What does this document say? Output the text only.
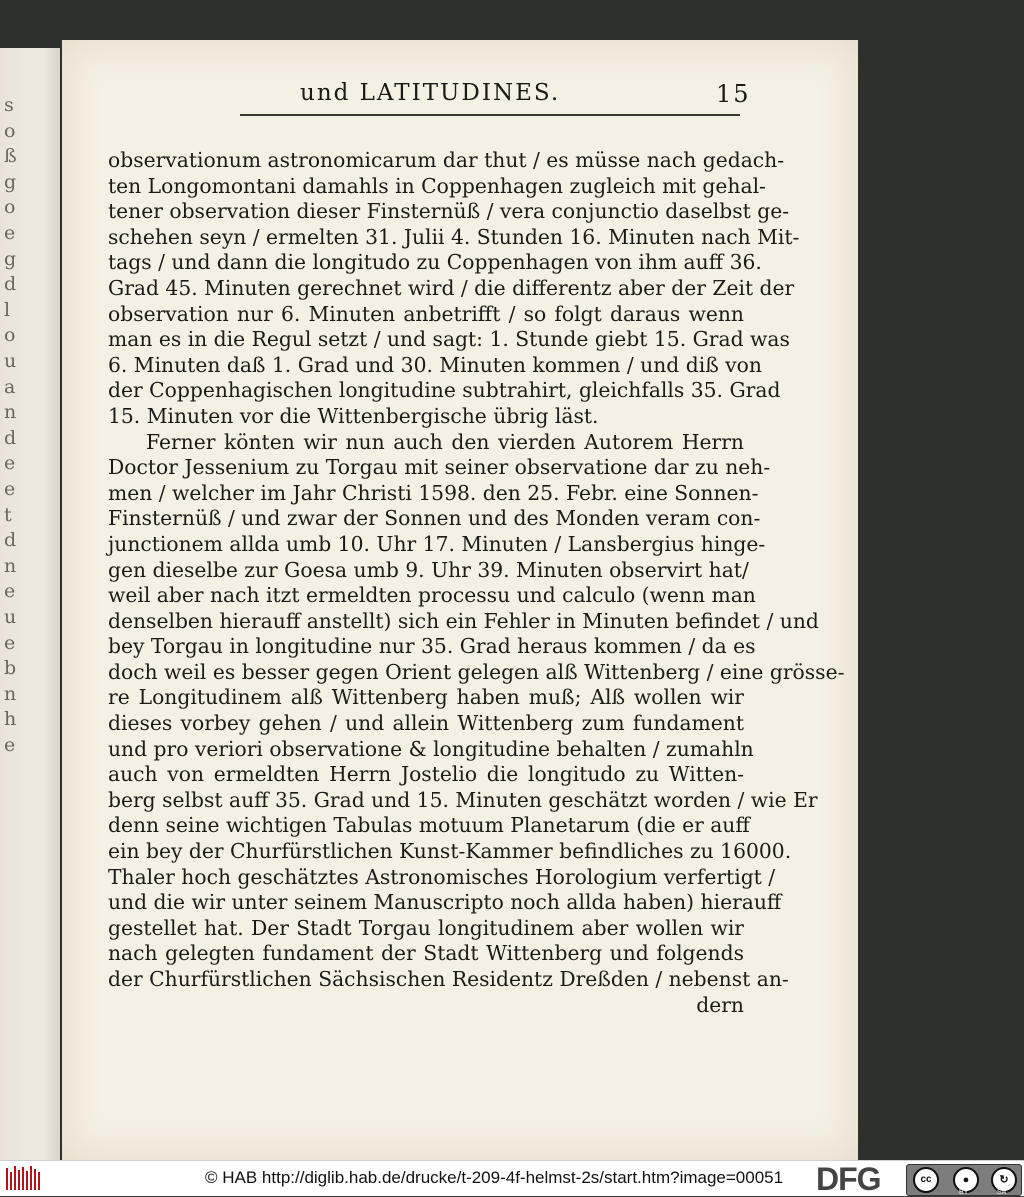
s
o
ß
g
o
e
g
d
l
o
u
a
n
d
e
e
t
d
n
e
u
e
b
n
h
e
und LATITUDINES.	15
observationum astronomicarum dar thut / es müsse nach gedach-
ten Longomontani damahls in Coppenhagen zugleich mit gehal-
tener observation dieser Finsternüß / vera conjunctio daselbst ge-
schehen seyn / ermelten 31. Julii 4. Stunden 16. Minuten nach Mit-
tags / und dann die longitudo zu Coppenhagen von ihm auff 36.
Grad 45. Minuten gerechnet wird / die differentz aber der Zeit der
observation nur 6. Minuten anbetrifft / so folgt daraus wenn
man es in die Regul setzt / und sagt: 1. Stunde giebt 15. Grad was
6. Minuten daß 1. Grad und 30. Minuten kommen / und diß von
der Coppenhagischen longitudine subtrahirt, gleichfalls 35. Grad
15. Minuten vor die Wittenbergische übrig läst.
Ferner könten wir nun auch den vierden Autorem Herrn
Doctor Jessenium zu Torgau mit seiner observatione dar zu neh-
men / welcher im Jahr Christi 1598. den 25. Febr. eine Sonnen-
Finsternüß / und zwar der Sonnen und des Monden veram con-
junctionem allda umb 10. Uhr 17. Minuten / Lansbergius hinge-
gen dieselbe zur Goesa umb 9. Uhr 39. Minuten observirt hat/
weil aber nach itzt ermeldten processu und calculo (wenn man
denselben hierauff anstellt) sich ein Fehler in Minuten befindet / und
bey Torgau in longitudine nur 35. Grad heraus kommen / da es
doch weil es besser gegen Orient gelegen alß Wittenberg / eine grösse-
re Longitudinem alß Wittenberg haben muß; Alß wollen wir
dieses vorbey gehen / und allein Wittenberg zum fundament
und pro veriori observatione & longitudine behalten / zumahln
auch von ermeldten Herrn Jostelio die longitudo zu Witten-
berg selbst auff 35. Grad und 15. Minuten geschätzt worden / wie Er
denn seine wichtigen Tabulas motuum Planetarum (die er auff
ein bey der Churfürstlichen Kunst-Kammer befindliches zu 16000.
Thaler hoch geschätztes Astronomisches Horologium verfertigt /
und die wir unter seinem Manuscripto noch allda haben) hierauff
gestellet hat. Der Stadt Torgau longitudinem aber wollen wir
nach gelegten fundament der Stadt Wittenberg und folgends
der Churfürstlichen Sächsischen Residentz Dreßden / nebenst an-
dern
© HAB http://diglib.hab.de/drucke/t-209-4f-helmst-2s/start.htm?image=00051 DFG	cc	●	↻
BY	SA
